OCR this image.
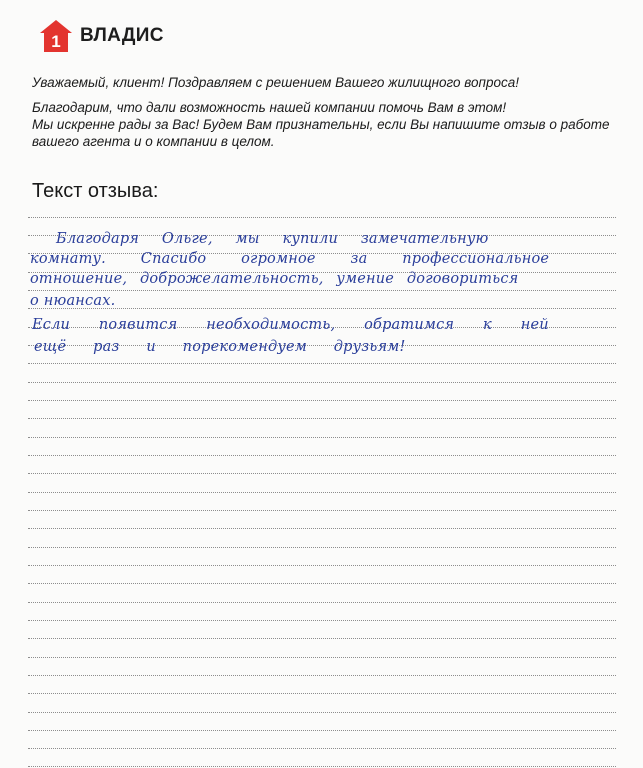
1 ВЛАДИС

Уважаемый, клиент! Поздравляем с решением Вашего жилищного вопроса!

Благодарим, что дали возможность нашей компании помочь Вам в этом!
Мы искренне рады за Вас! Будем Вам признательны, если Вы напишите отзыв о работе
вашего агента и о компании в целом.

Текст отзыва:
Благодаря Ольге, мы купили замечательную
комнату. Спасибо огромное за профессиональное
отношение, доброжелательность, умение договориться
о нюансах.
Если появится необходимость, обратимся к ней
ещё раз и порекомендуем друзьям!
